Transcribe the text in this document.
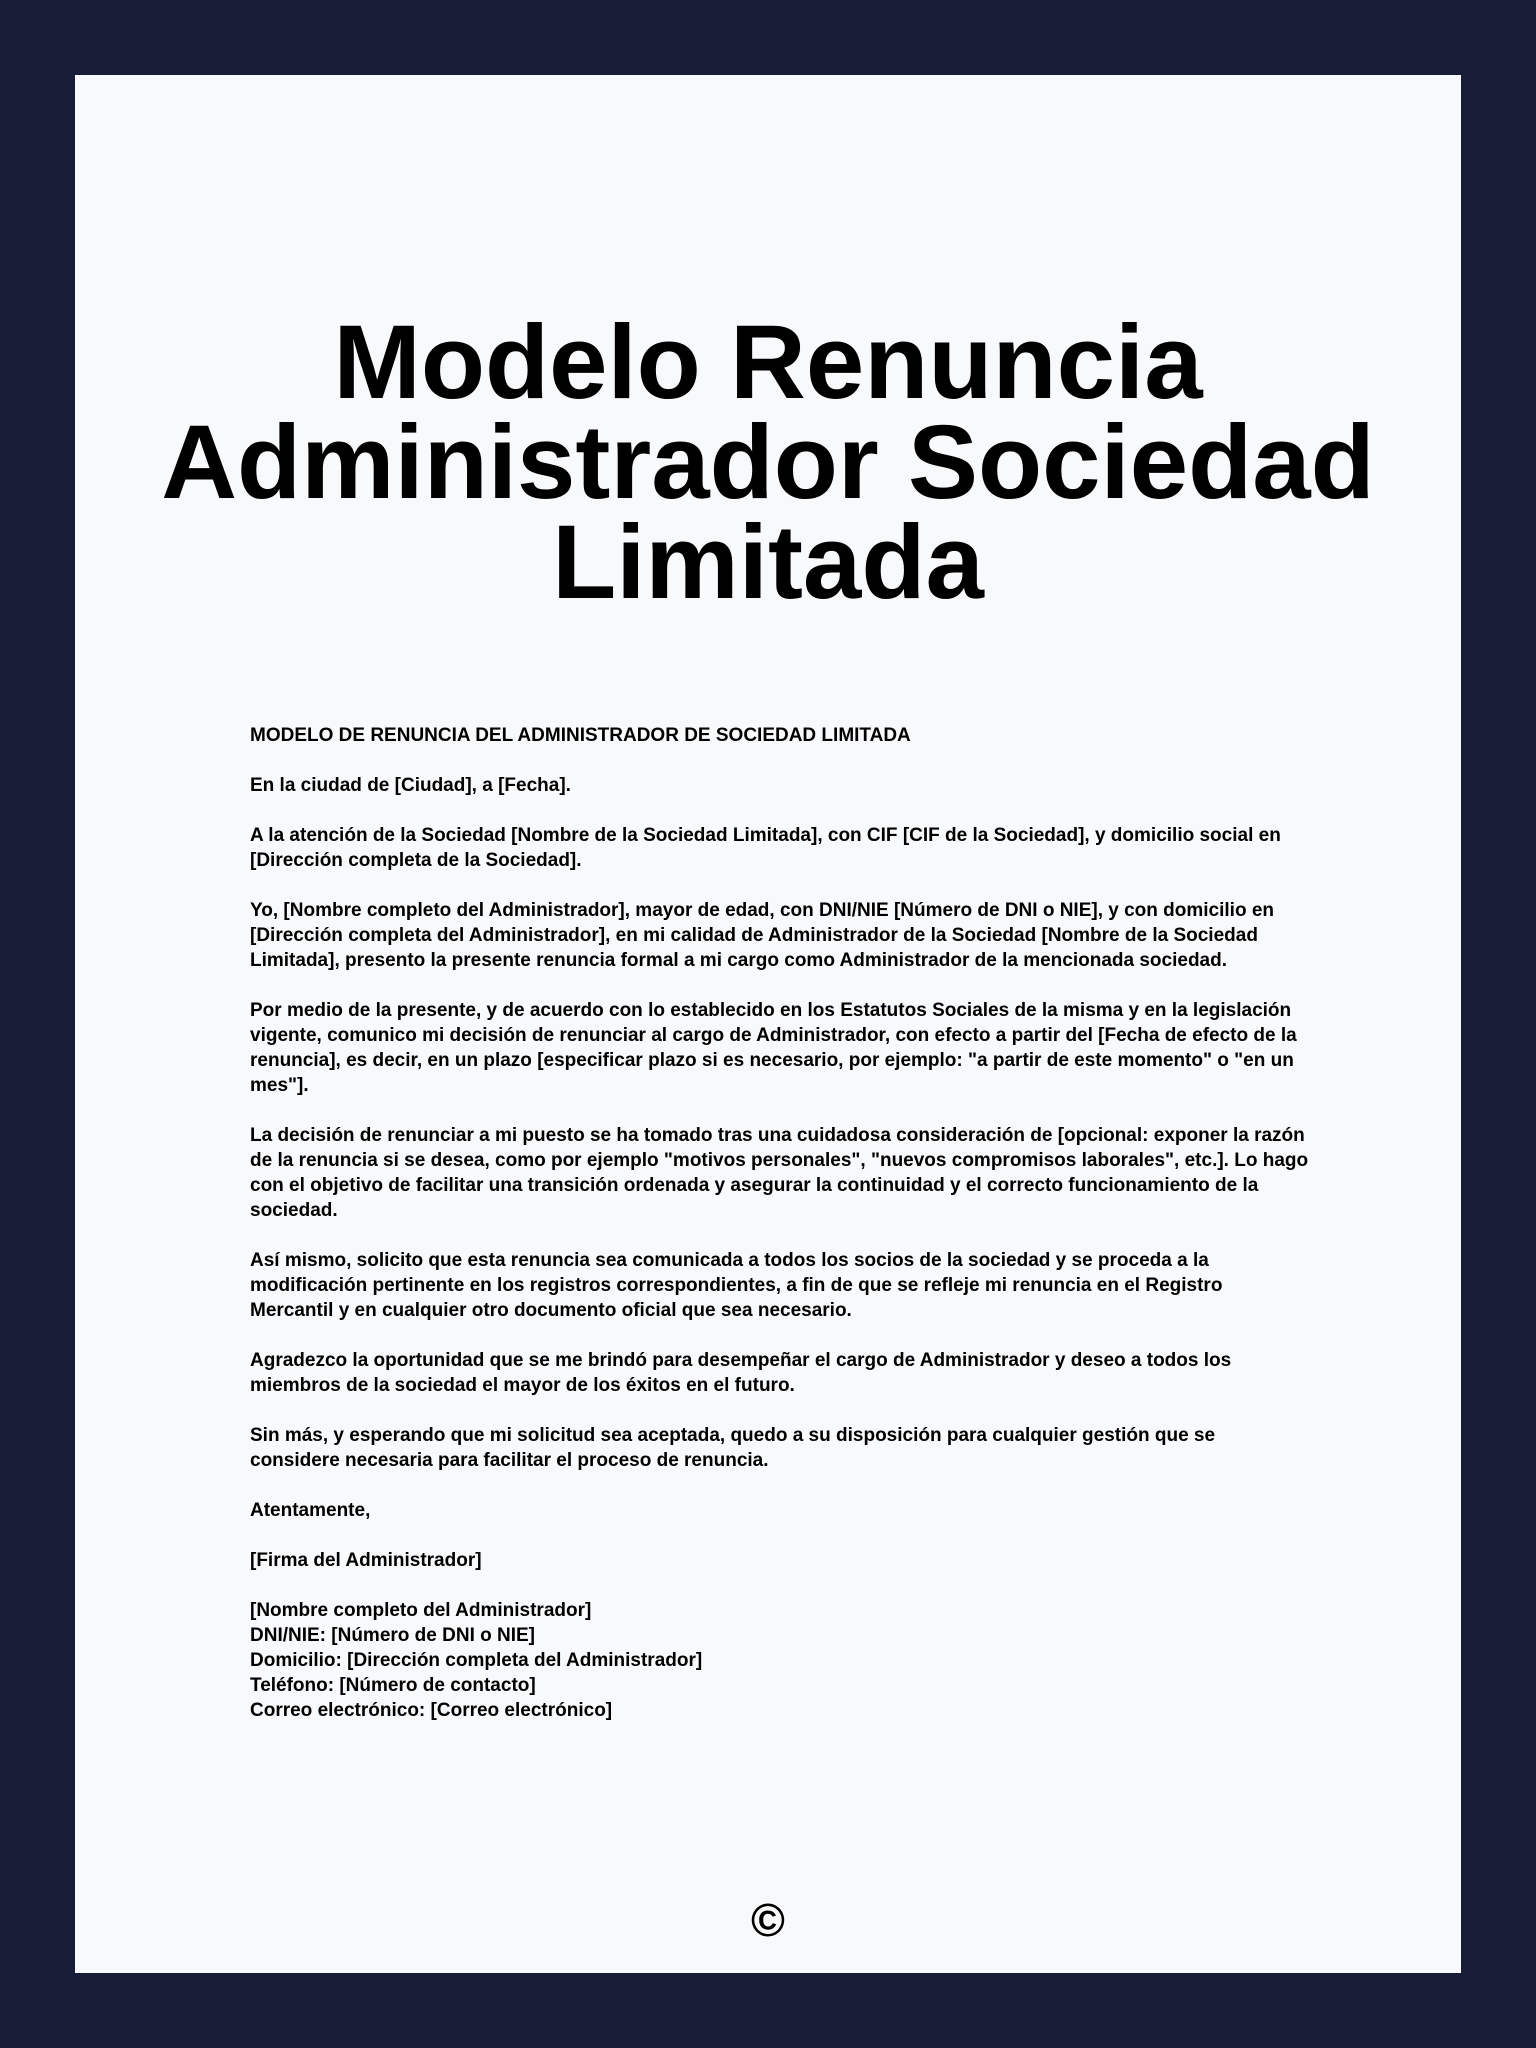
Modelo Renuncia Administrador Sociedad Limitada

MODELO DE RENUNCIA DEL ADMINISTRADOR DE SOCIEDAD LIMITADA

En la ciudad de [Ciudad], a [Fecha].

A la atención de la Sociedad [Nombre de la Sociedad Limitada], con CIF [CIF de la Sociedad], y domicilio social en [Dirección completa de la Sociedad].

Yo, [Nombre completo del Administrador], mayor de edad, con DNI/NIE [Número de DNI o NIE], y con domicilio en [Dirección completa del Administrador], en mi calidad de Administrador de la Sociedad [Nombre de la Sociedad Limitada], presento la presente renuncia formal a mi cargo como Administrador de la mencionada sociedad.

Por medio de la presente, y de acuerdo con lo establecido en los Estatutos Sociales de la misma y en la legislación vigente, comunico mi decisión de renunciar al cargo de Administrador, con efecto a partir del [Fecha de efecto de la renuncia], es decir, en un plazo [especificar plazo si es necesario, por ejemplo: "a partir de este momento" o "en un mes"].

La decisión de renunciar a mi puesto se ha tomado tras una cuidadosa consideración de [opcional: exponer la razón de la renuncia si se desea, como por ejemplo "motivos personales", "nuevos compromisos laborales", etc.]. Lo hago con el objetivo de facilitar una transición ordenada y asegurar la continuidad y el correcto funcionamiento de la sociedad.

Así mismo, solicito que esta renuncia sea comunicada a todos los socios de la sociedad y se proceda a la modificación pertinente en los registros correspondientes, a fin de que se refleje mi renuncia en el Registro Mercantil y en cualquier otro documento oficial que sea necesario.

Agradezco la oportunidad que se me brindó para desempeñar el cargo de Administrador y deseo a todos los miembros de la sociedad el mayor de los éxitos en el futuro.

Sin más, y esperando que mi solicitud sea aceptada, quedo a su disposición para cualquier gestión que se considere necesaria para facilitar el proceso de renuncia.

Atentamente,

[Firma del Administrador]

[Nombre completo del Administrador]
DNI/NIE: [Número de DNI o NIE]
Domicilio: [Dirección completa del Administrador]
Teléfono: [Número de contacto]
Correo electrónico: [Correo electrónico]

©
